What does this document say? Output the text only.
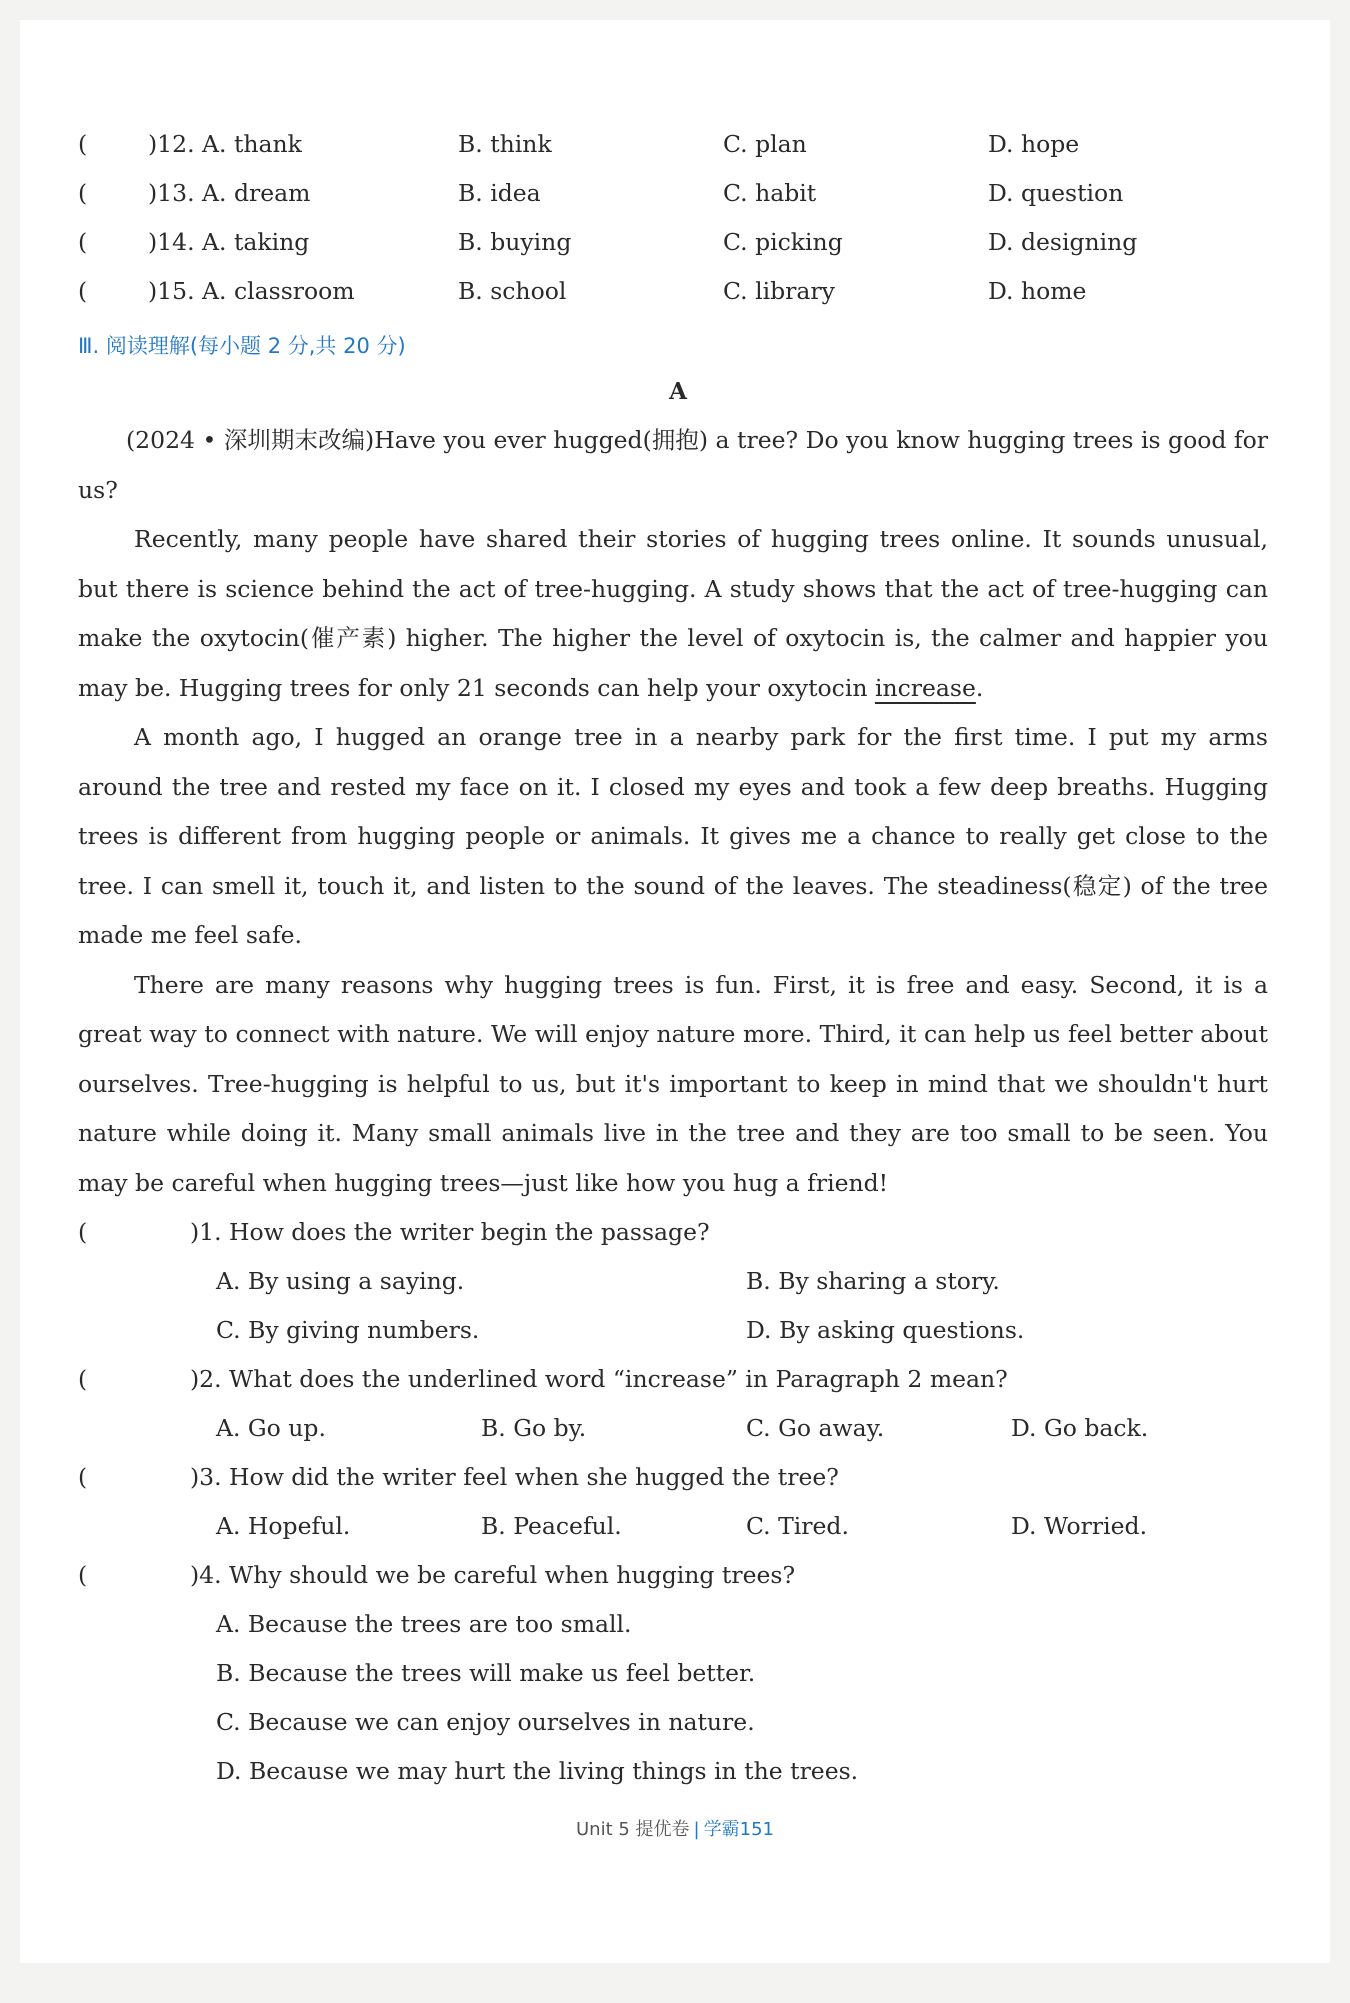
(	)12. A. thank	B. think	C. plan	D. hope
(	)13. A. dream	B. idea	C. habit	D. question
(	)14. A. taking	B. buying	C. picking	D. designing
(	)15. A. classroom	B. school	C. library	D. home
Ⅲ. 阅读理解(每小题 2 分,共 20 分)
A

(2024 • 深圳期末改编)Have you ever hugged(拥抱) a tree? Do you know hugging trees is good for us?

Recently, many people have shared their stories of hugging trees online. It sounds unusual, but there is science behind the act of tree-hugging. A study shows that the act of tree-hugging can make the oxytocin(催产素) higher. The higher the level of oxytocin is, the calmer and happier you may be. Hugging trees for only 21 seconds can help your oxytocin increase.

A month ago, I hugged an orange tree in a nearby park for the first time. I put my arms around the tree and rested my face on it. I closed my eyes and took a few deep breaths. Hugging trees is different from hugging people or animals. It gives me a chance to really get close to the tree. I can smell it, touch it, and listen to the sound of the leaves. The steadiness(稳定) of the tree made me feel safe.

There are many reasons why hugging trees is fun. First, it is free and easy. Second, it is a great way to connect with nature. We will enjoy nature more. Third, it can help us feel better about ourselves. Tree-hugging is helpful to us, but it's important to keep in mind that we shouldn't hurt nature while doing it. Many small animals live in the tree and they are too small to be seen. You may be careful when hugging trees—just like how you hug a friend!

(	)1. How does the writer begin the passage?
A. By using a saying.	B. By sharing a story.
C. By giving numbers.	D. By asking questions.
(	)2. What does the underlined word “increase” in Paragraph 2 mean?
A. Go up.	B. Go by.	C. Go away.	D. Go back.
(	)3. How did the writer feel when she hugged the tree?
A. Hopeful.	B. Peaceful.	C. Tired.	D. Worried.
(	)4. Why should we be careful when hugging trees?
A. Because the trees are too small.
B. Because the trees will make us feel better.
C. Because we can enjoy ourselves in nature.
D. Because we may hurt the living things in the trees.
Unit 5 提优卷 | 学霸151
